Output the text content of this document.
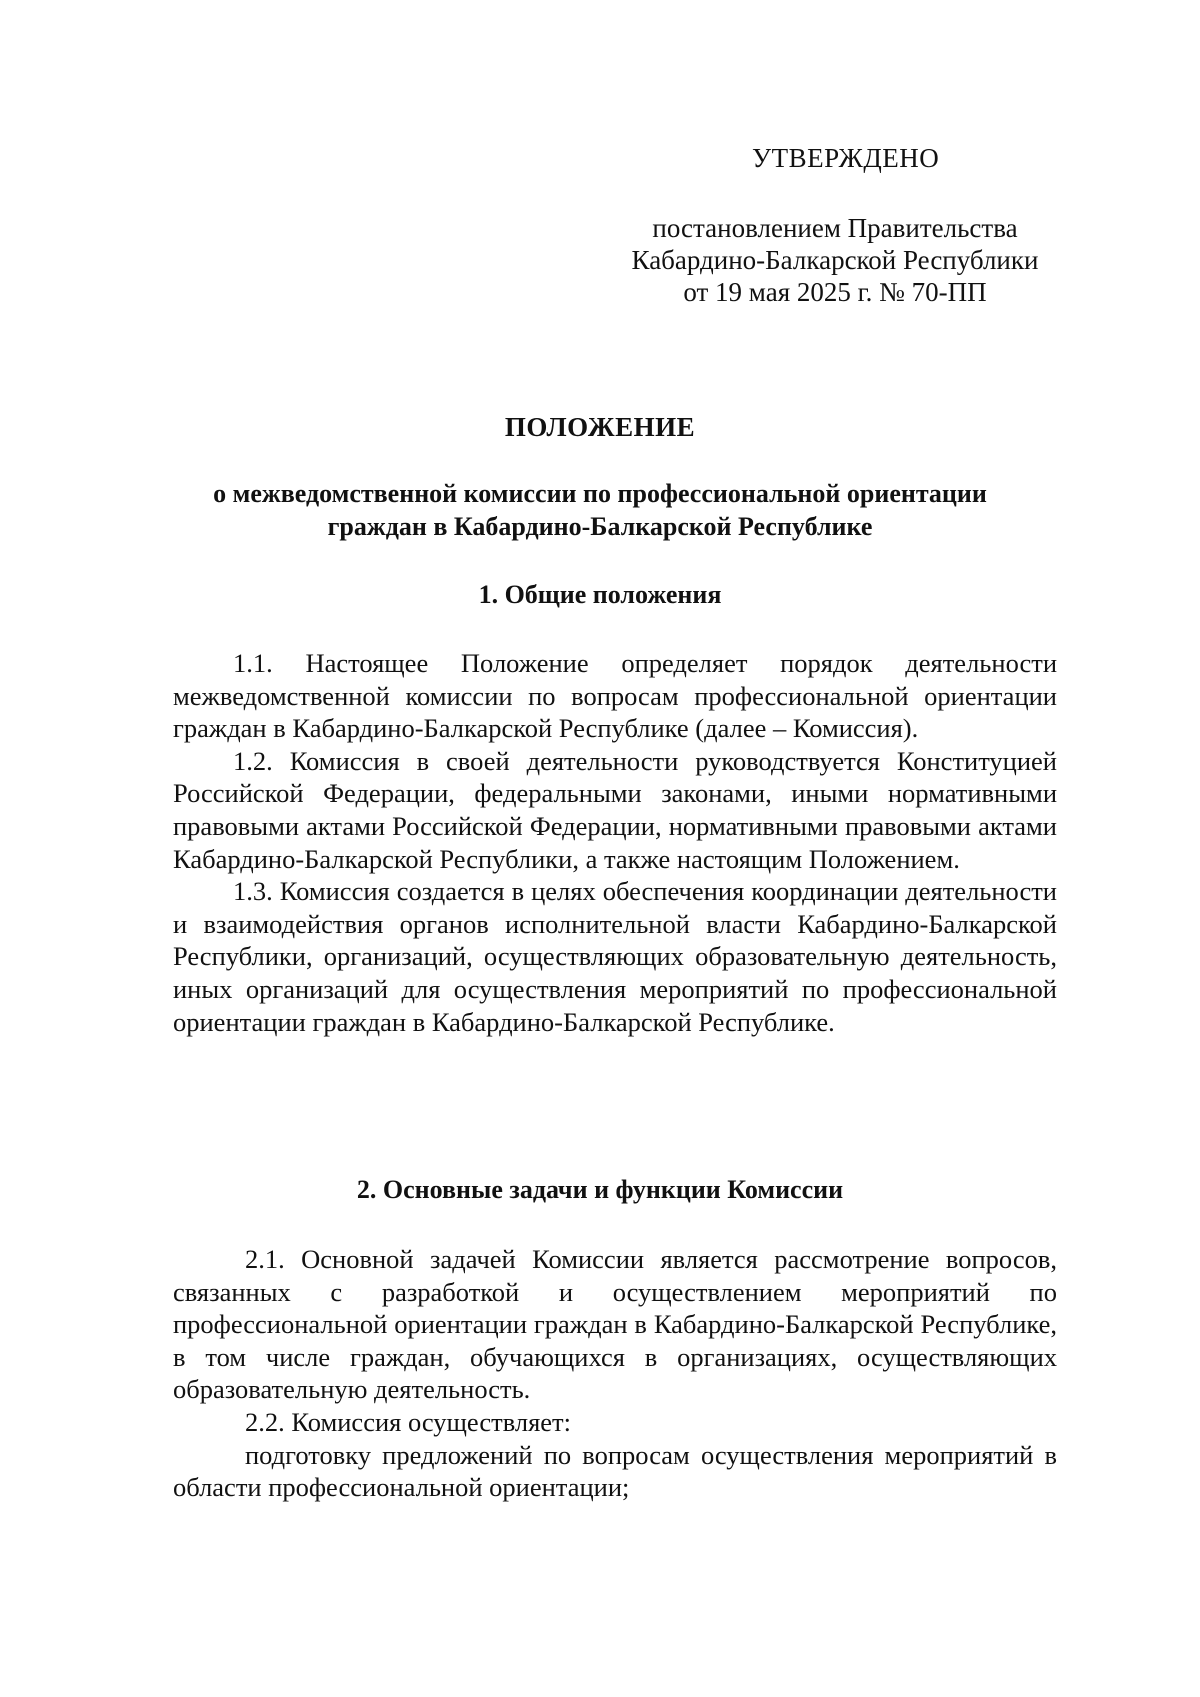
УТВЕРЖДЕНО
постановлением Правительства
Кабардино-Балкарской Республики
от 19 мая 2025 г. № 70-ПП
ПОЛОЖЕНИЕ
о межведомственной комиссии по профессиональной ориентации
граждан в Кабардино-Балкарской Республике
1. Общие положения

1.1. Настоящее Положение определяет порядок деятельности межведомственной комиссии по вопросам профессиональной ориентации граждан в Кабардино-Балкарской Республике (далее – Комиссия).

1.2. Комиссия в своей деятельности руководствуется Конституцией Российской Федерации, федеральными законами, иными нормативными правовыми актами Российской Федерации, нормативными правовыми актами Кабардино-Балкарской Республики, а также настоящим Положением.

1.3. Комиссия создается в целях обеспечения координации деятельности и взаимодействия органов исполнительной власти Кабардино-Балкарской Республики, организаций, осуществляющих образовательную деятельность, иных организаций для осуществления мероприятий по профессиональной ориентации граждан в Кабардино-Балкарской Республике.

2. Основные задачи и функции Комиссии

2.1. Основной задачей Комиссии является рассмотрение вопросов, связанных с разработкой и осуществлением мероприятий по профессиональной ориентации граждан в Кабардино-Балкарской Республике, в том числе граждан, обучающихся в организациях, осуществляющих образовательную деятельность.

2.2. Комиссия осуществляет:

подготовку предложений по вопросам осуществления мероприятий в области профессиональной ориентации;
